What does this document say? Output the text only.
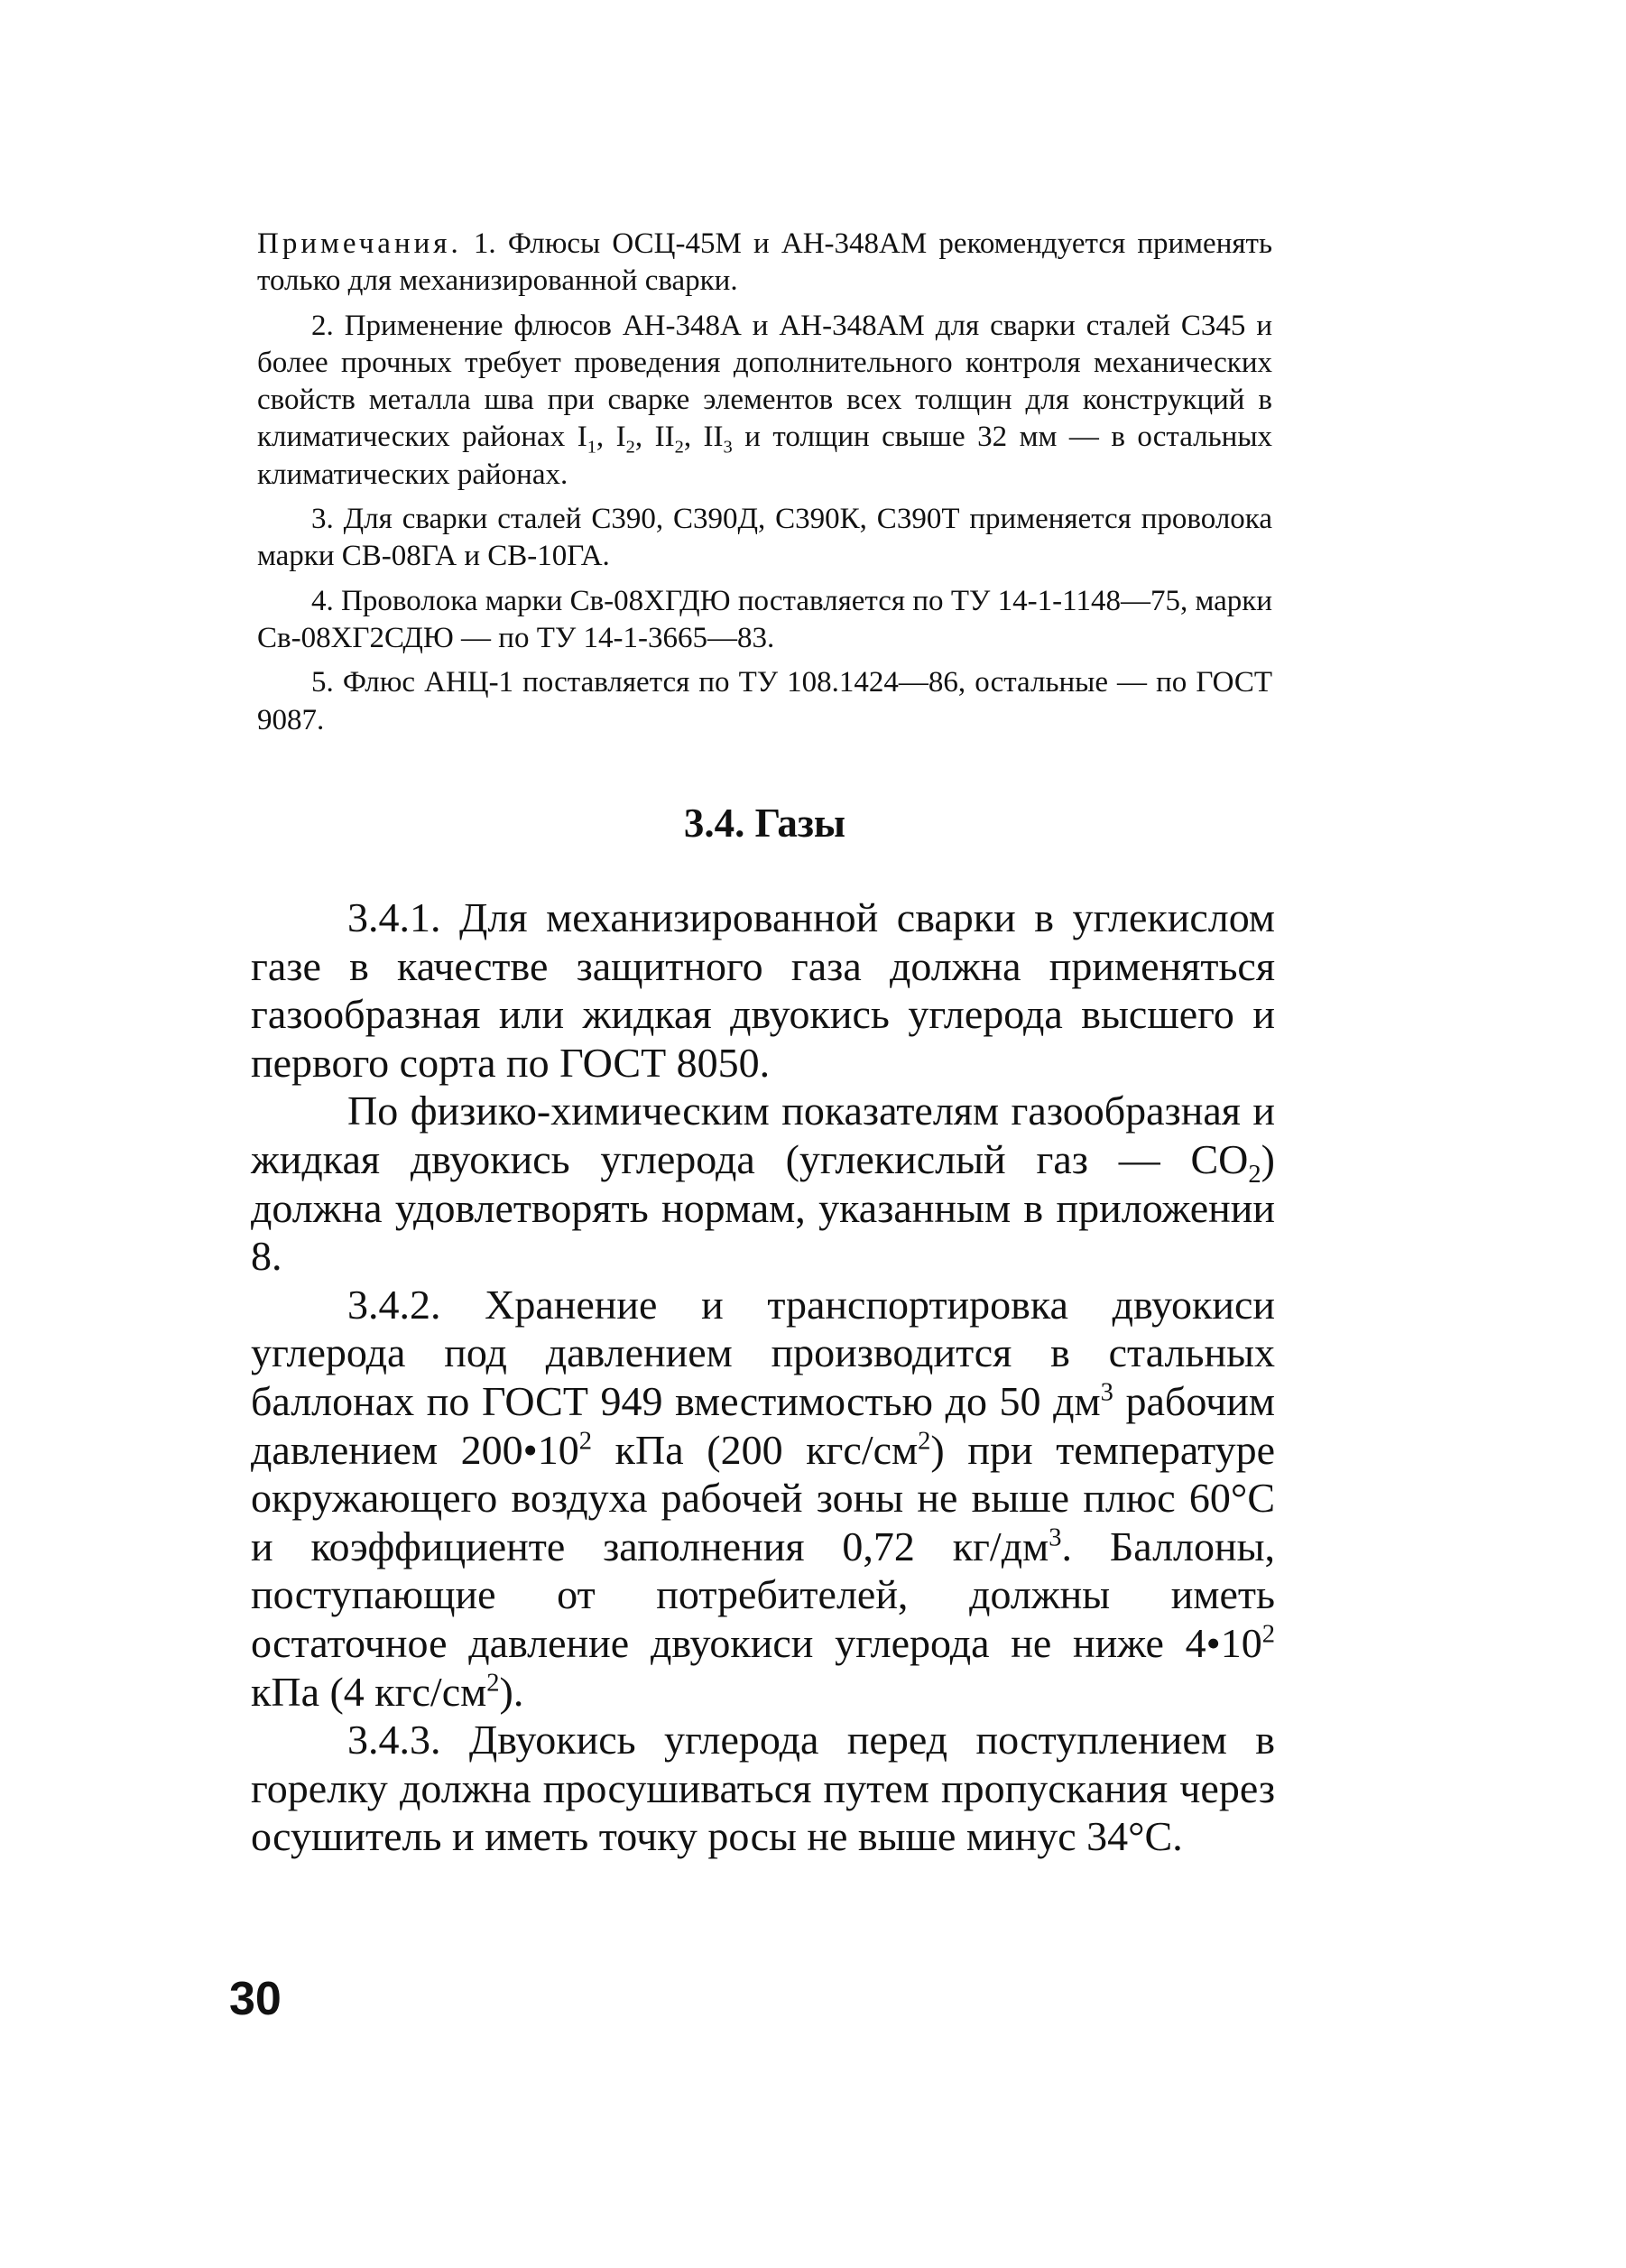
Примечания. 1. Флюсы ОСЦ-45М и АН-348АМ рекомендуется применять только для механизированной сварки.

2. Применение флюсов АН-348А и АН-348АМ для сварки сталей С345 и более прочных требует проведения дополнительного контроля механических свойств металла шва при сварке элементов всех толщин для конструкций в климатических районах $I_1$, $I_2$, $II_2$, $II_3$ и толщин свыше 32 мм — в остальных климатических районах.

3. Для сварки сталей С390, С390Д, С390К, С390Т применяется проволока марки СВ-08ГА и СВ-10ГА.

4. Проволока марки Св-08ХГДЮ поставляется по ТУ 14-1-1148—75, марки Св-08ХГ2СДЮ — по ТУ 14-1-3665—83.

5. Флюс АНЦ-1 поставляется по ТУ 108.1424—86, остальные — по ГОСТ 9087.

3.4. Газы

3.4.1. Для механизированной сварки в углекислом газе в качестве защитного газа должна применяться газообразная или жидкая двуокись углерода высшего и первого сорта по ГОСТ 8050.

По физико-химическим показателям газообразная и жидкая двуокись углерода (углекислый газ — $СО_2$) должна удовлетворять нормам, указанным в приложении 8.

3.4.2. Хранение и транспортировка двуокиси углерода под давлением производится в стальных баллонах по ГОСТ 949 вместимостью до 50 $дм^3$ рабочим давлением $200•10^2$ кПа (200 кгс/$см^2$) при температуре окружающего воздуха рабочей зоны не выше плюс 60°С и коэффициенте заполнения 0,72 $кг/дм^3$. Баллоны, поступающие от потребителей, должны иметь остаточное давление двуокиси углерода не ниже $4•10^2$ кПа (4 кгс/$см^2$).

3.4.3. Двуокись углерода перед поступлением в горелку должна просушиваться путем пропускания через осушитель и иметь точку росы не выше минус 34°С.

30
